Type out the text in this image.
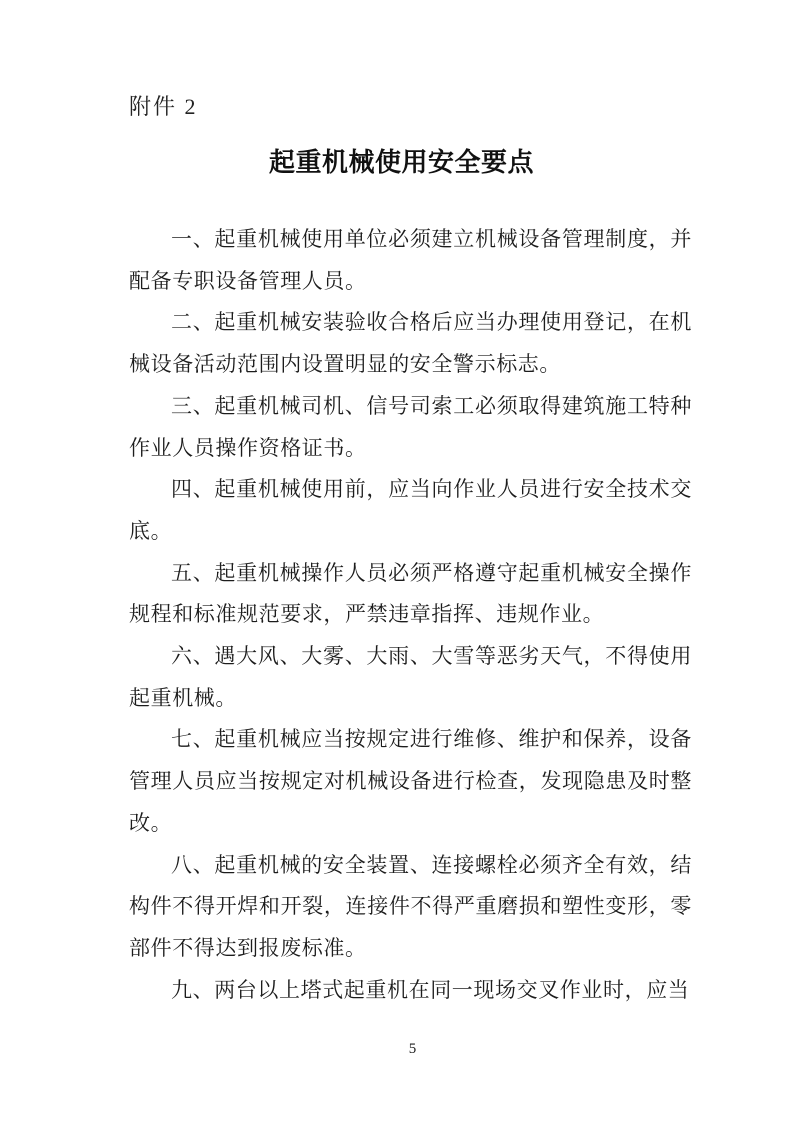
附件 2
起重机械使用安全要点

一、起重机械使用单位必须建立机械设备管理制度，并配备专职设备管理人员。

二、起重机械安装验收合格后应当办理使用登记，在机械设备活动范围内设置明显的安全警示标志。

三、起重机械司机、信号司索工必须取得建筑施工特种作业人员操作资格证书。

四、起重机械使用前，应当向作业人员进行安全技术交底。

五、起重机械操作人员必须严格遵守起重机械安全操作规程和标准规范要求，严禁违章指挥、违规作业。

六、遇大风、大雾、大雨、大雪等恶劣天气，不得使用起重机械。

七、起重机械应当按规定进行维修、维护和保养，设备管理人员应当按规定对机械设备进行检查，发现隐患及时整改。

八、起重机械的安全装置、连接螺栓必须齐全有效，结构件不得开焊和开裂，连接件不得严重磨损和塑性变形，零部件不得达到报废标准。

九、两台以上塔式起重机在同一现场交叉作业时，应当

5
